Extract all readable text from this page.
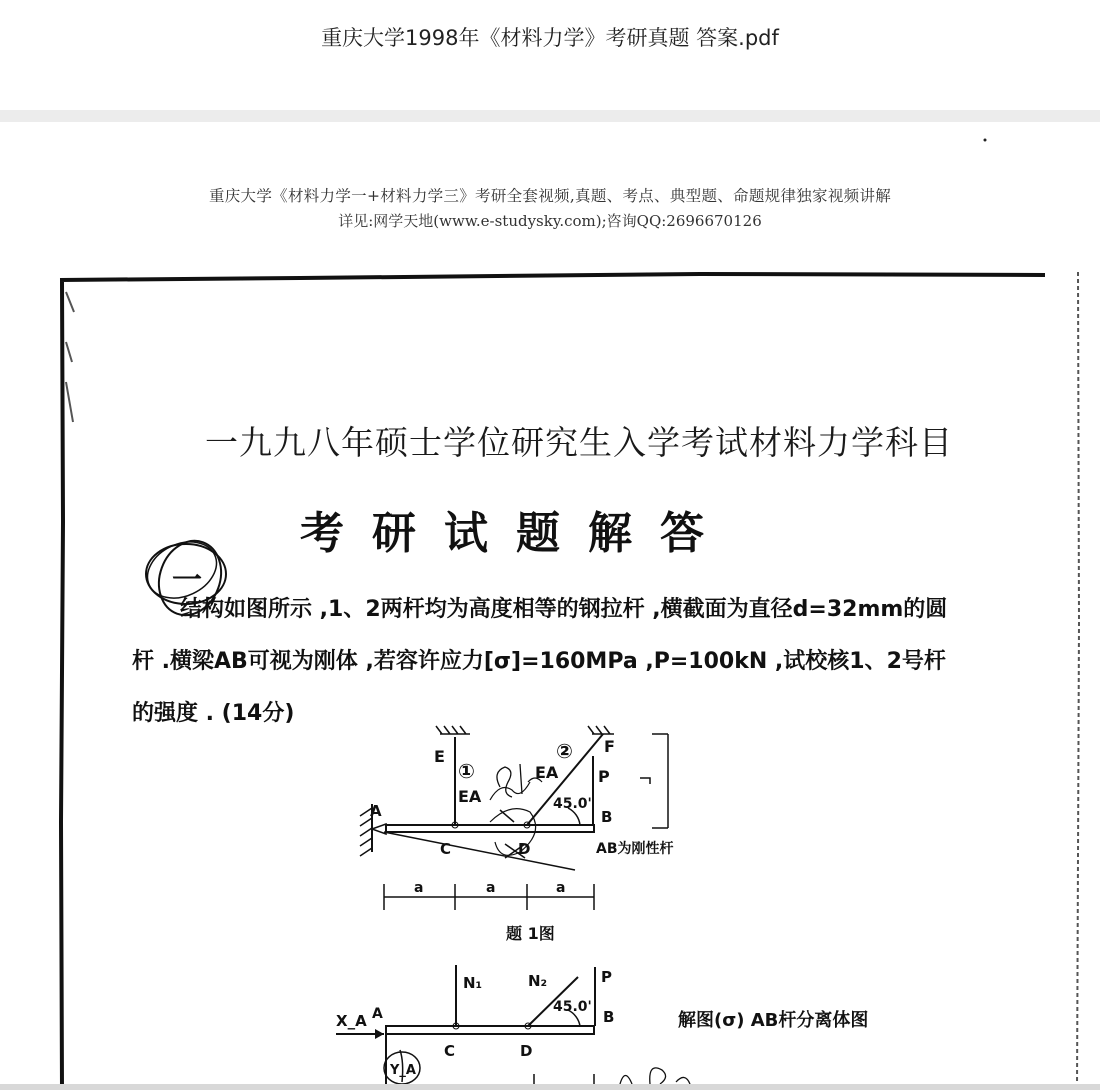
重庆大学1998年《材料力学》考研真题 答案.pdf
重庆大学《材料力学一+材料力学三》考研全套视频,真题、考点、典型题、命题规律独家视频讲解
详见:网学天地(www.e-studysky.com);咨询QQ:2696670126
一
E
F
A	B
C	D
P
①
②
EA
EA
45.0'
AB为刚性杆
a	a	a
题 1图
N₁	N₂	P
X_A A	B
C	D
Y_A
45.0'
解图(σ) AB杆分离体图
一九九八年硕士学位研究生入学考试材料力学科目
考研试题解答
结构如图所示 ,1、2两杆均为高度相等的钢拉杆 ,横截面为直径d=32mm的圆
杆 .横梁AB可视为刚体 ,若容许应力[σ]=160MPa ,P=100kN ,试校核1、2号杆
的强度 . (14分)
